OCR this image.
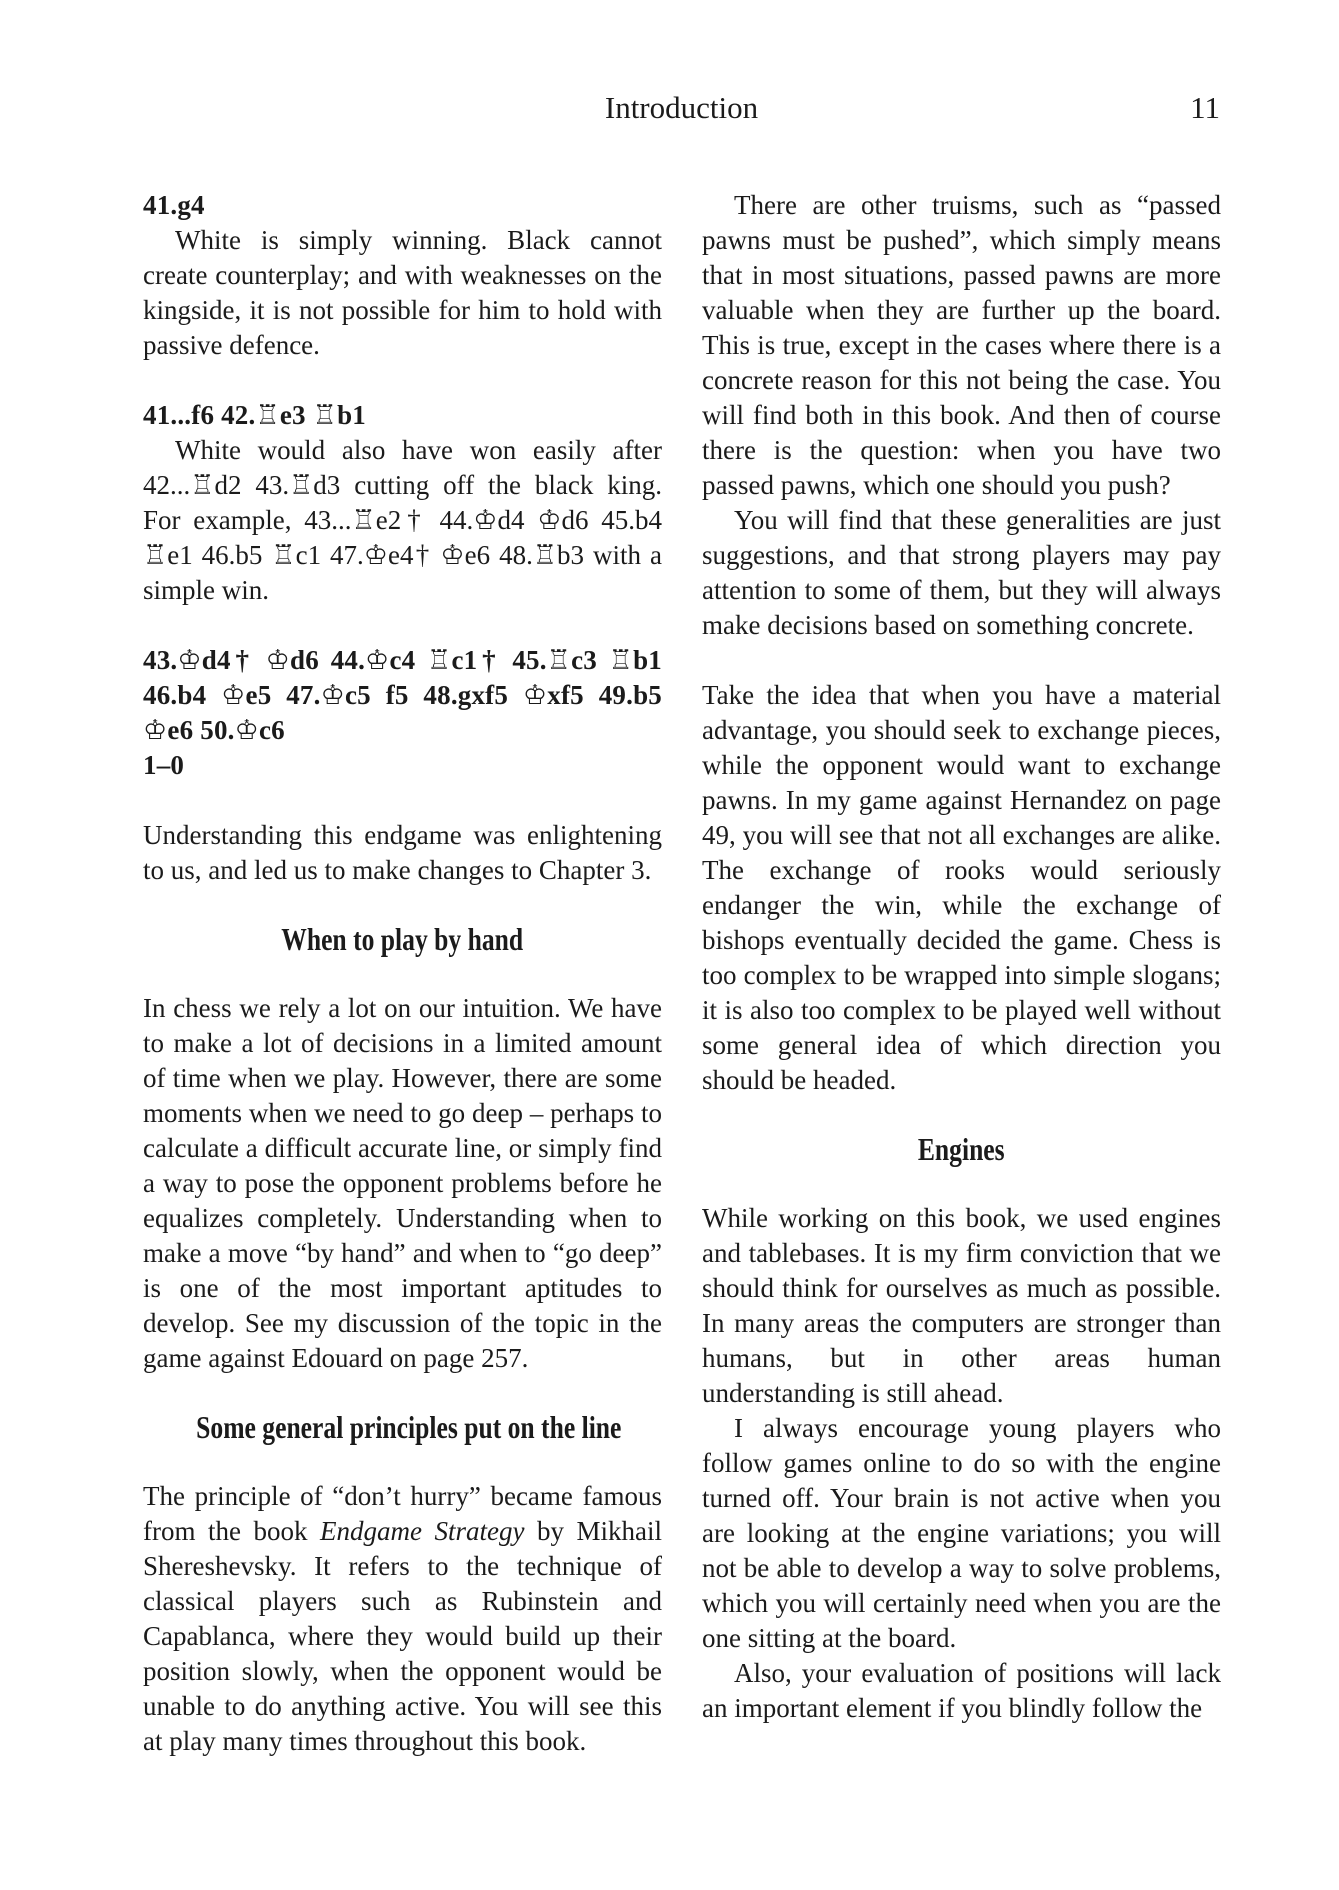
Introduction	11

41.g4

White is simply winning. Black cannot create counterplay; and with weaknesses on the kingside, it is not possible for him to hold with passive defence.

41...f6 42.♖e3 ♖b1

White would also have won easily after 42...♖d2 43.♖d3 cutting off the black king. For example, 43...♖e2† 44.♔d4 ♔d6 45.b4 ♖e1 46.b5 ♖c1 47.♔e4† ♔e6 48.♖b3 with a simple win.

43.♔d4† ♔d6 44.♔c4 ♖c1† 45.♖c3 ♖b1 46.b4 ♔e5 47.♔c5 f5 48.gxf5 ♔xf5 49.b5 ♔e6 50.♔c6

1–0

Understanding this endgame was enlightening to us, and led us to make changes to Chapter 3.

When to play by hand

In chess we rely a lot on our intuition. We have to make a lot of decisions in a limited amount of time when we play. However, there are some moments when we need to go deep – perhaps to calculate a difficult accurate line, or simply find a way to pose the opponent problems before he equalizes completely. Understanding when to make a move “by hand” and when to “go deep” is one of the most important aptitudes to develop. See my discussion of the topic in the game against Edouard on page 257.

Some general principles put on the line

The principle of “don’t hurry” became famous from the book Endgame Strategy by Mikhail Shereshevsky. It refers to the technique of classical players such as Rubinstein and Capablanca, where they would build up their position slowly, when the opponent would be unable to do anything active. You will see this at play many times throughout this book.

There are other truisms, such as “passed pawns must be pushed”, which simply means that in most situations, passed pawns are more valuable when they are further up the board. This is true, except in the cases where there is a concrete reason for this not being the case. You will find both in this book. And then of course there is the question: when you have two passed pawns, which one should you push?

You will find that these generalities are just suggestions, and that strong players may pay attention to some of them, but they will always make decisions based on something concrete.

Take the idea that when you have a material advantage, you should seek to exchange pieces, while the opponent would want to exchange pawns. In my game against Hernandez on page 49, you will see that not all exchanges are alike. The exchange of rooks would seriously endanger the win, while the exchange of bishops eventually decided the game. Chess is too complex to be wrapped into simple slogans; it is also too complex to be played well without some general idea of which direction you should be headed.

Engines

While working on this book, we used engines and tablebases. It is my firm conviction that we should think for ourselves as much as possible. In many areas the computers are stronger than humans, but in other areas human understanding is still ahead.

I always encourage young players who follow games online to do so with the engine turned off. Your brain is not active when you are looking at the engine variations; you will not be able to develop a way to solve problems, which you will certainly need when you are the one sitting at the board.

Also, your evaluation of positions will lack an important element if you blindly follow the
